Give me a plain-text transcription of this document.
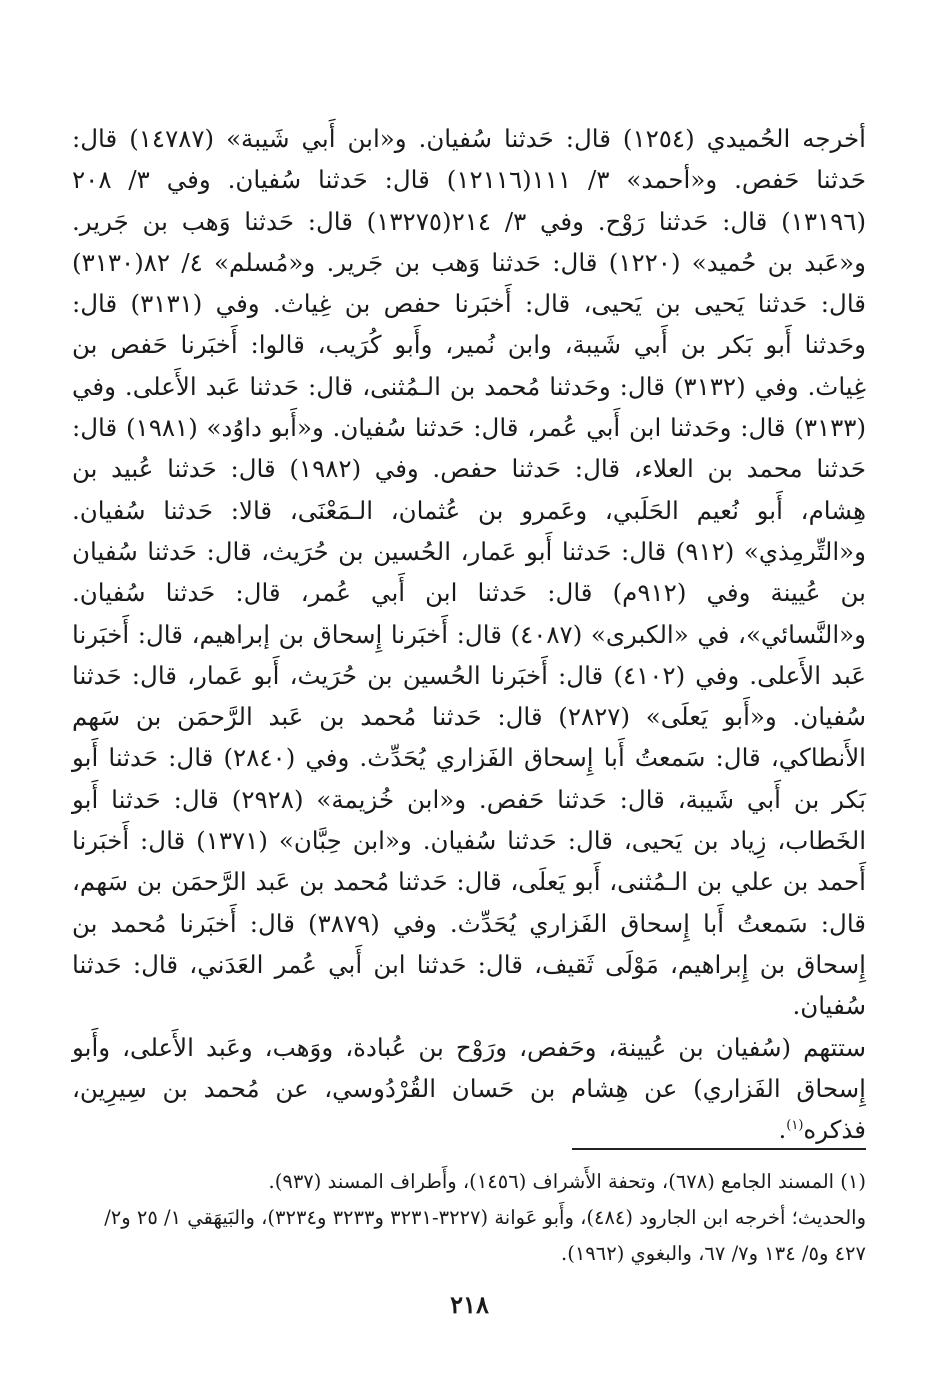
أخرجه الحُميدي (١٢٥٤) قال: حَدثنا سُفيان. و«ابن أَبي شَيبة» (١٤٧٨٧) قال: حَدثنا حَفص. و«أحمد» ٣/ ١١١(١٢١١٦) قال: حَدثنا سُفيان. وفي ٣/ ٢٠٨ (١٣١٩٦) قال: حَدثنا رَوْح. وفي ٣/ ٢١٤(١٣٢٧٥) قال: حَدثنا وَهب بن جَرير. و«عَبد بن حُميد» (١٢٢٠) قال: حَدثنا وَهب بن جَرير. و«مُسلم» ٤/ ٨٢(٣١٣٠) قال: حَدثنا يَحيى بن يَحيى، قال: أَخبَرنا حفص بن غِياث. وفي (٣١٣١) قال: وحَدثنا أَبو بَكر بن أَبي شَيبة، وابن نُمير، وأَبو كُرَيب، قالوا: أَخبَرنا حَفص بن غِياث. وفي (٣١٣٢) قال: وحَدثنا مُحمد بن الـمُثنى، قال: حَدثنا عَبد الأَعلى. وفي (٣١٣٣) قال: وحَدثنا ابن أَبي عُمر، قال: حَدثنا سُفيان. و«أَبو داوُد» (١٩٨١) قال: حَدثنا محمد بن العلاء، قال: حَدثنا حفص. وفي (١٩٨٢) قال: حَدثنا عُبيد بن هِشام، أَبو نُعيم الحَلَبي، وعَمرو بن عُثمان، الـمَعْنَى، قالا: حَدثنا سُفيان. و«التِّرمِذي» (٩١٢) قال: حَدثنا أَبو عَمار، الحُسين بن حُرَيث، قال: حَدثنا سُفيان بن عُيينة وفي (٩١٢م) قال: حَدثنا ابن أَبي عُمر، قال: حَدثنا سُفيان. و«النَّسائي»، في «الكبرى» (٤٠٨٧) قال: أَخبَرنا إِسحاق بن إبراهيم، قال: أَخبَرنا عَبد الأَعلى. وفي (٤١٠٢) قال: أَخبَرنا الحُسين بن حُرَيث، أَبو عَمار، قال: حَدثنا سُفيان. و«أَبو يَعلَى» (٢٨٢٧) قال: حَدثنا مُحمد بن عَبد الرَّحمَن بن سَهم الأَنطاكي، قال: سَمعتُ أَبا إِسحاق الفَزاري يُحَدِّث. وفي (٢٨٤٠) قال: حَدثنا أَبو بَكر بن أَبي شَيبة، قال: حَدثنا حَفص. و«ابن خُزيمة» (٢٩٢٨) قال: حَدثنا أَبو الخَطاب، زِياد بن يَحيى، قال: حَدثنا سُفيان. و«ابن حِبَّان» (١٣٧١) قال: أَخبَرنا أَحمد بن علي بن الـمُثنى، أَبو يَعلَى، قال: حَدثنا مُحمد بن عَبد الرَّحمَن بن سَهم، قال: سَمعتُ أَبا إِسحاق الفَزاري يُحَدِّث. وفي (٣٨٧٩) قال: أَخبَرنا مُحمد بن إِسحاق بن إِبراهيم، مَوْلَى ثَقيف، قال: حَدثنا ابن أَبي عُمر العَدَني، قال: حَدثنا سُفيان.

ستتهم (سُفيان بن عُيينة، وحَفص، ورَوْح بن عُبادة، ووَهب، وعَبد الأَعلى، وأَبو إِسحاق الفَزاري) عن هِشام بن حَسان القُرْدُوسي، عن مُحمد بن سِيرِين، فذكره$^{(١)}$.

(١) المسند الجامع (٦٧٨)، وتحفة الأَشراف (١٤٥٦)، وأَطراف المسند (٩٣٧).

والحديث؛ أخرجه ابن الجارود (٤٨٤)، وأَبو عَوانة (٣٢٢٧-٣٢٣١ و٣٢٣٣ و٣٢٣٤)، والبَيهَقي ١/ ٢٥ و٢/ ٤٢٧ و٥/ ١٣٤ و٧/ ٦٧، والبغوي (١٩٦٢).

٢١٨
